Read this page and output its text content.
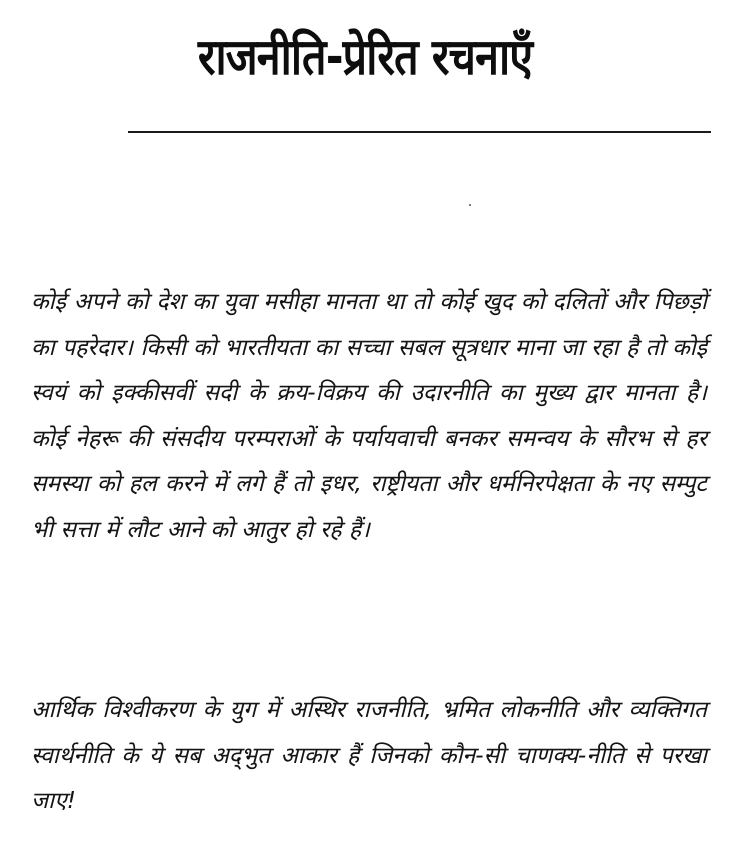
राजनीति-प्रेरित रचनाएँ

कोई अपने को देश का युवा मसीहा मानता था तो कोई खुद को दलितों और पिछड़ों का पहरेदार। किसी को भारतीयता का सच्चा सबल सूत्रधार माना जा रहा है तो कोई स्वयं को इक्कीसवीं सदी के क्रय-विक्रय की उदारनीति का मुख्य द्वार मानता है। कोई नेहरू की संसदीय परम्पराओं के पर्यायवाची बनकर समन्वय के सौरभ से हर समस्या को हल करने में लगे हैं तो इधर, राष्ट्रीयता और धर्मनिरपेक्षता के नए सम्पुट भी सत्ता में लौट आने को आतुर हो रहे हैं।

आर्थिक विश्वीकरण के युग में अस्थिर राजनीति, भ्रमित लोकनीति और व्यक्तिगत स्वार्थनीति के ये सब अद्‌भुत आकार हैं जिनको कौन-सी चाणक्य-नीति से परखा जाए!
